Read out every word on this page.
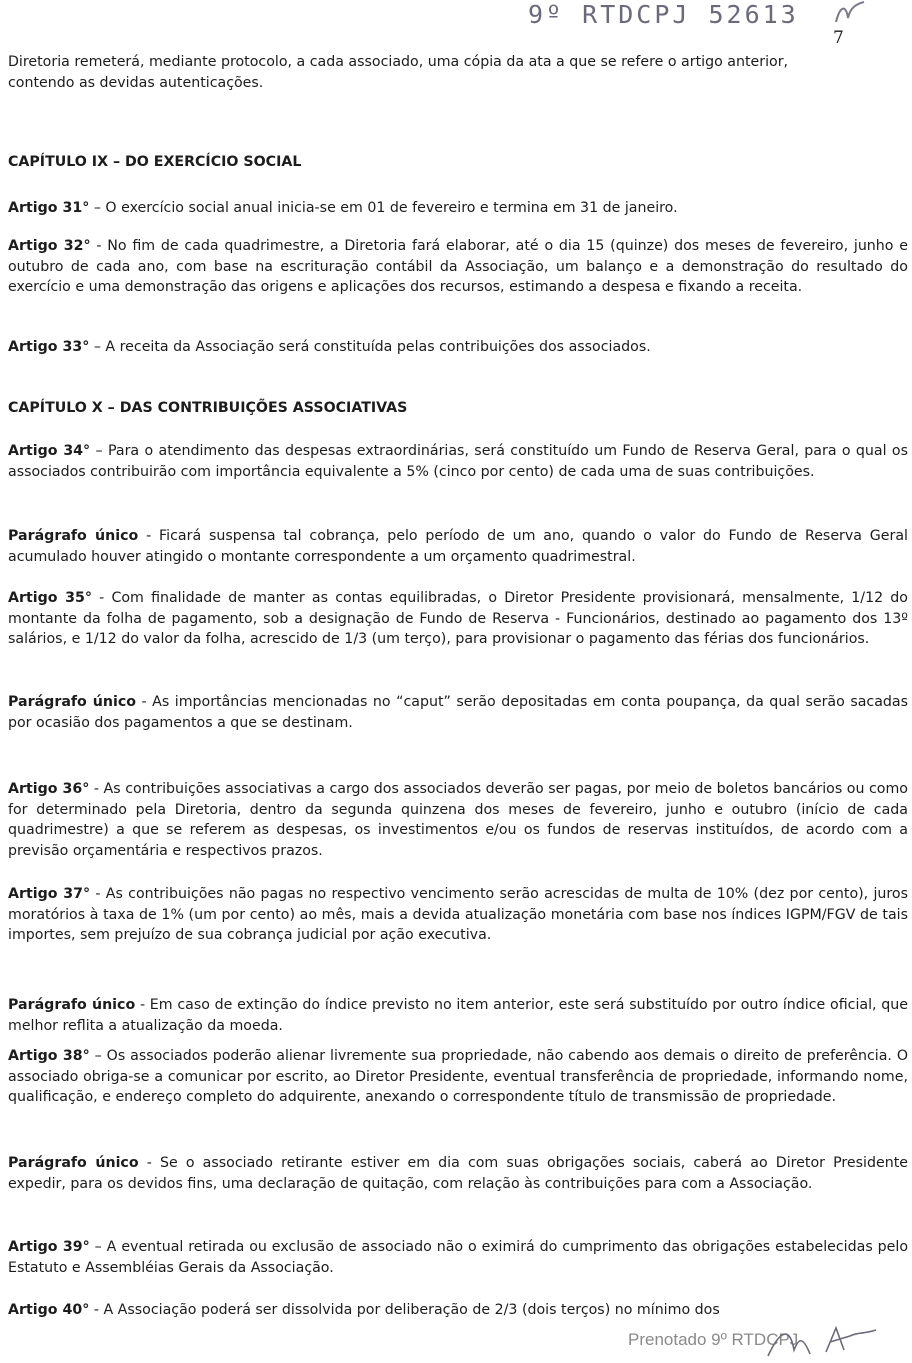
9º RTDCPJ 52613
7

Diretoria remeterá, mediante protocolo, a cada associado, uma cópia da ata a que se refere o artigo anterior, contendo as devidas autenticações.

CAPÍTULO IX – DO EXERCÍCIO SOCIAL

Artigo 31° – O exercício social anual inicia-se em 01 de fevereiro e termina em 31 de janeiro.

Artigo 32° - No fim de cada quadrimestre, a Diretoria fará elaborar, até o dia 15 (quinze) dos meses de fevereiro, junho e outubro de cada ano, com base na escrituração contábil da Associação, um balanço e a demonstração do resultado do exercício e uma demonstração das origens e aplicações dos recursos, estimando a despesa e fixando a receita.

Artigo 33° – A receita da Associação será constituída pelas contribuições dos associados.

CAPÍTULO X – DAS CONTRIBUIÇÕES ASSOCIATIVAS

Artigo 34° – Para o atendimento das despesas extraordinárias, será constituído um Fundo de Reserva Geral, para o qual os associados contribuirão com importância equivalente a 5% (cinco por cento) de cada uma de suas contribuições.

Parágrafo único - Ficará suspensa tal cobrança, pelo período de um ano, quando o valor do Fundo de Reserva Geral acumulado houver atingido o montante correspondente a um orçamento quadrimestral.

Artigo 35° - Com finalidade de manter as contas equilibradas, o Diretor Presidente provisionará, mensalmente, 1/12 do montante da folha de pagamento, sob a designação de Fundo de Reserva - Funcionários, destinado ao pagamento dos 13º salários, e 1/12 do valor da folha, acrescido de 1/3 (um terço), para provisionar o pagamento das férias dos funcionários.

Parágrafo único - As importâncias mencionadas no “caput” serão depositadas em conta poupança, da qual serão sacadas por ocasião dos pagamentos a que se destinam.

Artigo 36° - As contribuições associativas a cargo dos associados deverão ser pagas, por meio de boletos bancários ou como for determinado pela Diretoria, dentro da segunda quinzena dos meses de fevereiro, junho e outubro (início de cada quadrimestre) a que se referem as despesas, os investimentos e/ou os fundos de reservas instituídos, de acordo com a previsão orçamentária e respectivos prazos.

Artigo 37° - As contribuições não pagas no respectivo vencimento serão acrescidas de multa de 10% (dez por cento), juros moratórios à taxa de 1% (um por cento) ao mês, mais a devida atualização monetária com base nos índices IGPM/FGV de tais importes, sem prejuízo de sua cobrança judicial por ação executiva.

Parágrafo único - Em caso de extinção do índice previsto no item anterior, este será substituído por outro índice oficial, que melhor reflita a atualização da moeda.

Artigo 38° – Os associados poderão alienar livremente sua propriedade, não cabendo aos demais o direito de preferência. O associado obriga-se a comunicar por escrito, ao Diretor Presidente, eventual transferência de propriedade, informando nome, qualificação, e endereço completo do adquirente, anexando o correspondente título de transmissão de propriedade.

Parágrafo único - Se o associado retirante estiver em dia com suas obrigações sociais, caberá ao Diretor Presidente expedir, para os devidos fins, uma declaração de quitação, com relação às contribuições para com a Associação.

Artigo 39° – A eventual retirada ou exclusão de associado não o eximirá do cumprimento das obrigações estabelecidas pelo Estatuto e Assembléias Gerais da Associação.

Artigo 40° - A Associação poderá ser dissolvida por deliberação de 2/3 (dois terços) no mínimo dos

Prenotado 9º RTDCPJ
